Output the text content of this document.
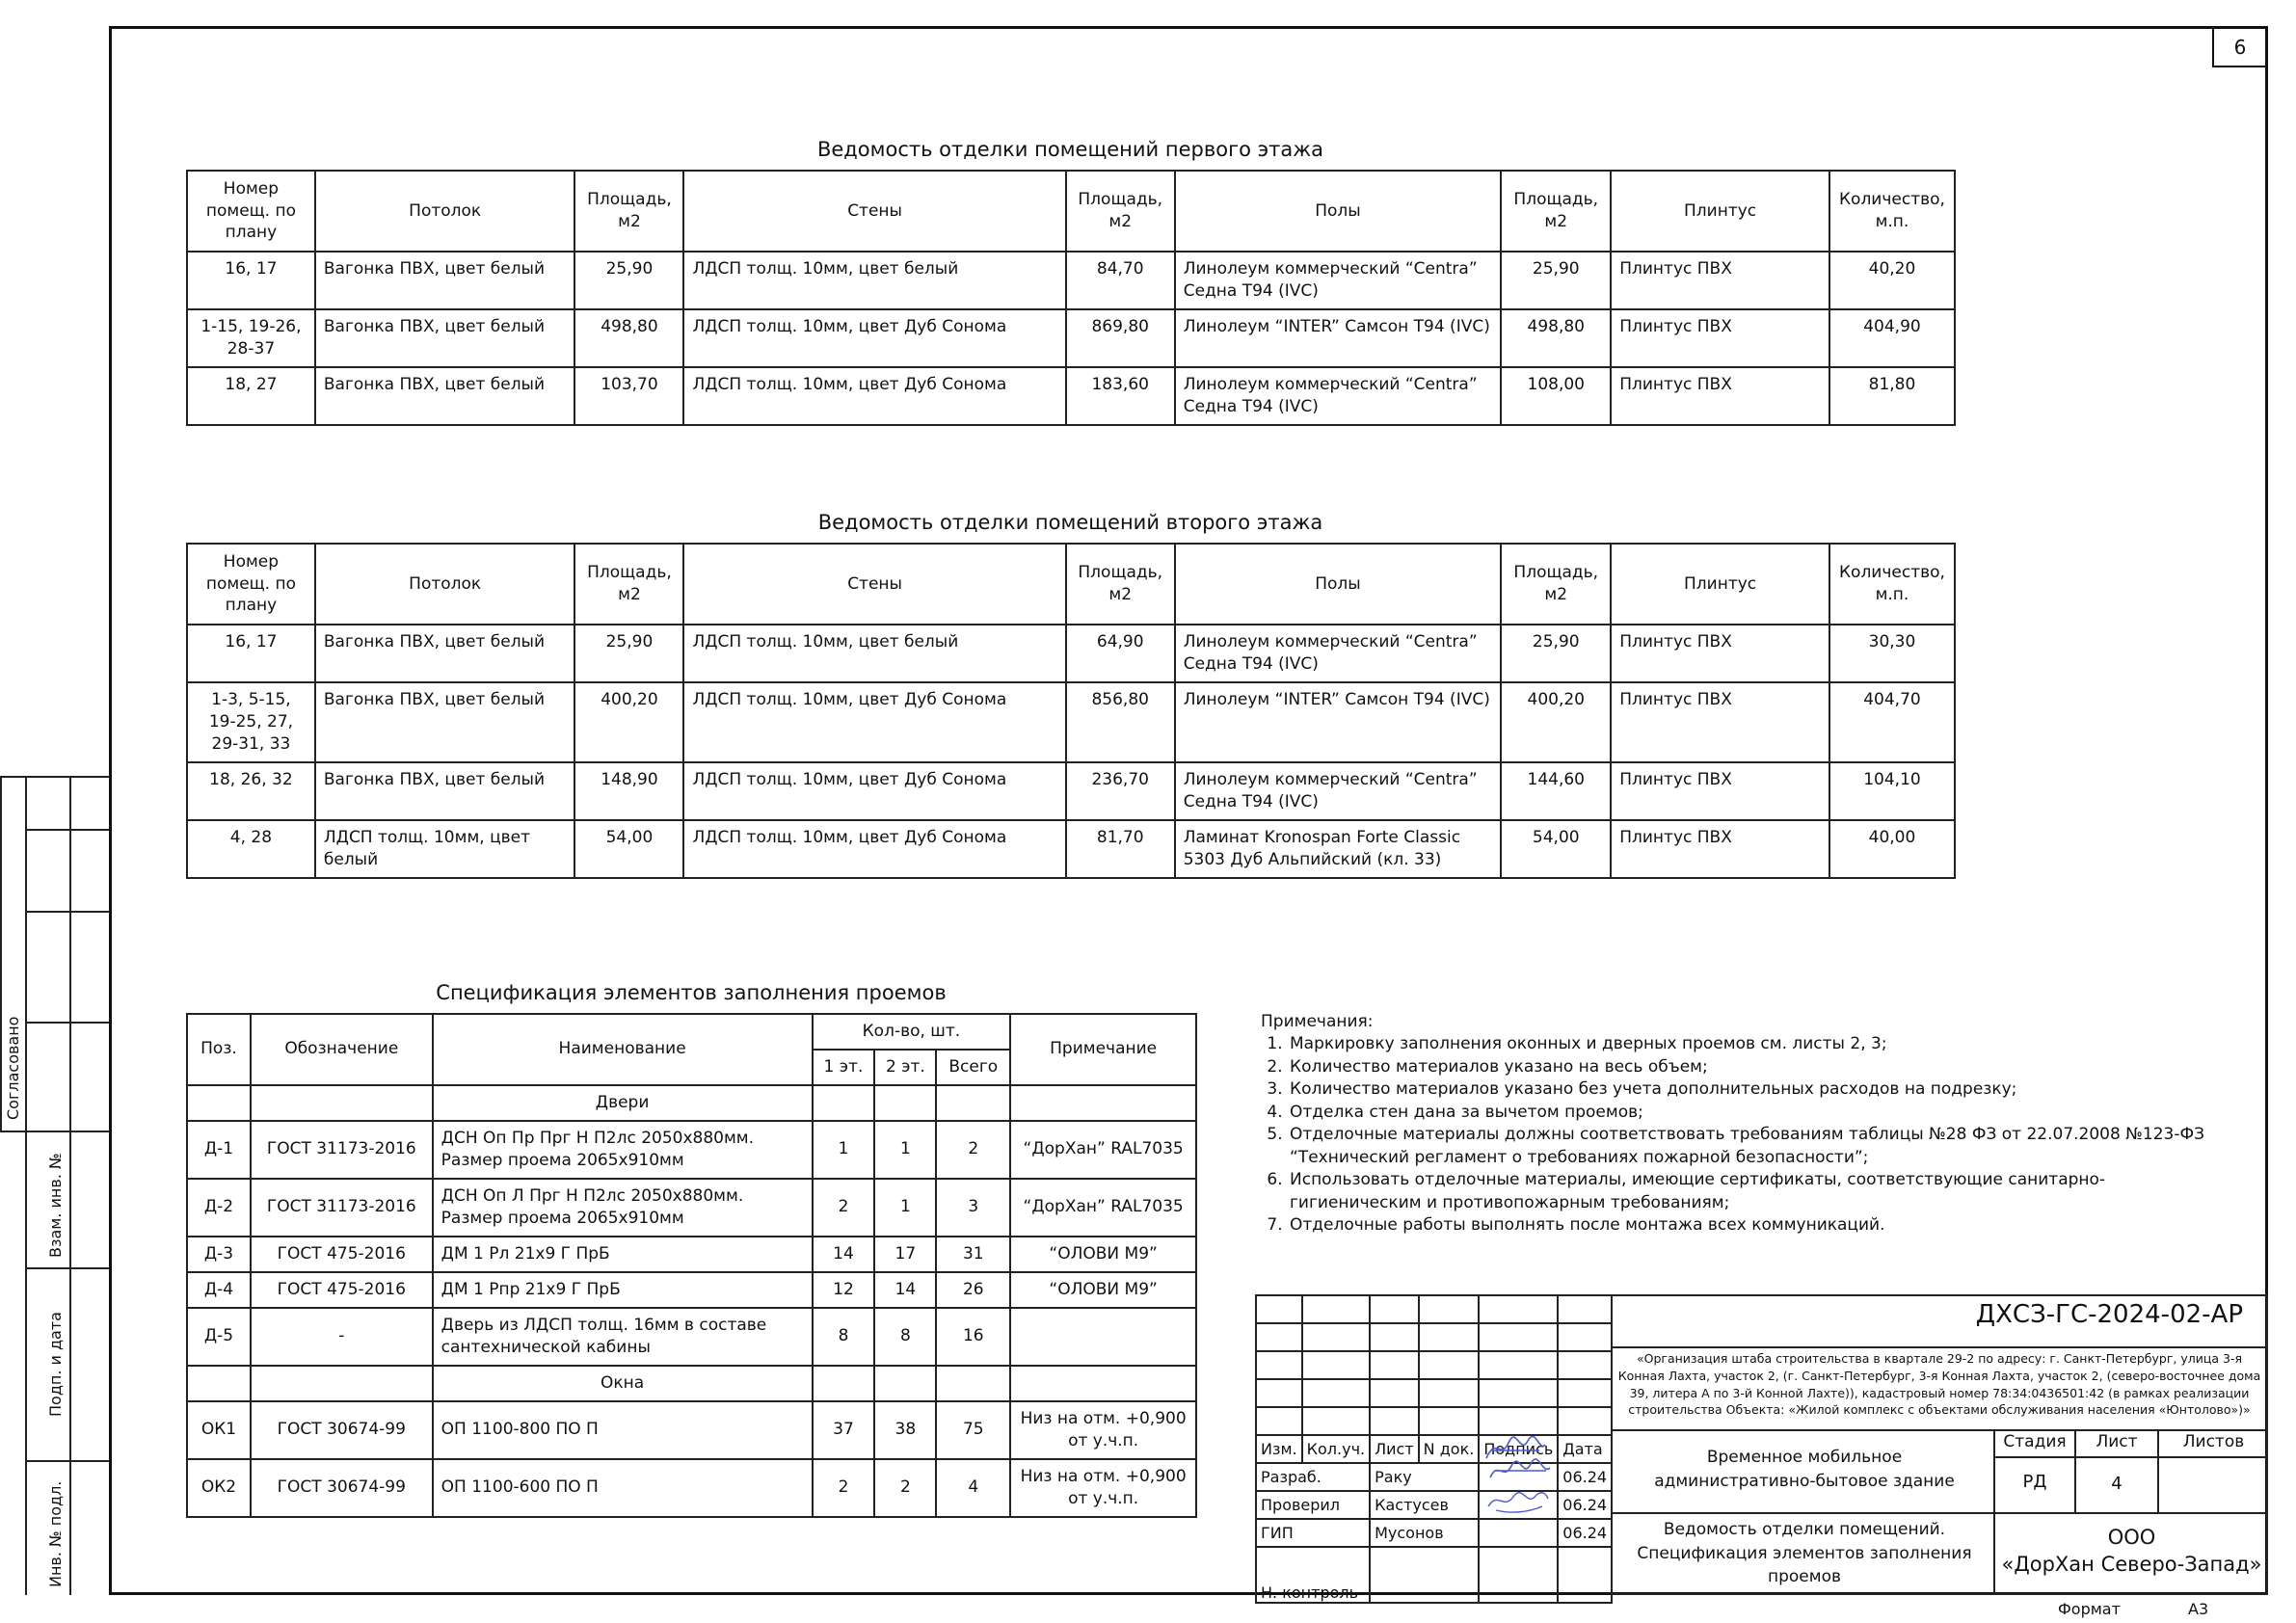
6
Согласовано
Взам. инв. №
Подп. и дата
Инв. № подл.
Ведомость отделки помещений первого этажа
Номер помещ. по плану	Потолок	Площадь, м2	Стены	Площадь, м2	Полы	Площадь, м2	Плинтус	Количество, м.п.
16, 17	Вагонка ПВХ, цвет белый	25,90	ЛДСП толщ. 10мм, цвет белый	84,70	Линолеум коммерческий “Centra” Седна T94 (IVC)	25,90	Плинтус ПВХ	40,20
1-15, 19-26, 28-37	Вагонка ПВХ, цвет белый	498,80	ЛДСП толщ. 10мм, цвет Дуб Сонома	869,80	Линолеум “INTER” Самсон T94 (IVC)	498,80	Плинтус ПВХ	404,90
18, 27	Вагонка ПВХ, цвет белый	103,70	ЛДСП толщ. 10мм, цвет Дуб Сонома	183,60	Линолеум коммерческий “Centra” Седна T94 (IVC)	108,00	Плинтус ПВХ	81,80
Ведомость отделки помещений второго этажа
Номер помещ. по плану	Потолок	Площадь, м2	Стены	Площадь, м2	Полы	Площадь, м2	Плинтус	Количество, м.п.
16, 17	Вагонка ПВХ, цвет белый	25,90	ЛДСП толщ. 10мм, цвет белый	64,90	Линолеум коммерческий “Centra” Седна T94 (IVC)	25,90	Плинтус ПВХ	30,30
1-3, 5-15, 19-25, 27, 29-31, 33	Вагонка ПВХ, цвет белый	400,20	ЛДСП толщ. 10мм, цвет Дуб Сонома	856,80	Линолеум “INTER” Самсон T94 (IVC)	400,20	Плинтус ПВХ	404,70
18, 26, 32	Вагонка ПВХ, цвет белый	148,90	ЛДСП толщ. 10мм, цвет Дуб Сонома	236,70	Линолеум коммерческий “Centra” Седна T94 (IVC)	144,60	Плинтус ПВХ	104,10
4, 28	ЛДСП толщ. 10мм, цвет белый	54,00	ЛДСП толщ. 10мм, цвет Дуб Сонома	81,70	Ламинат Kronospan Forte Classic 5303 Дуб Альпийский (кл. 33)	54,00	Плинтус ПВХ	40,00
Спецификация элементов заполнения проемов
Поз.	Обозначение	Наименование	Кол-во, шт.			Примечание
			1 эт.	2 эт.	Всего	
		Двери				
Д-1	ГОСТ 31173-2016	ДСН Оп Пр Прг Н П2лс 2050х880мм. Размер проема 2065х910мм	1	1	2	“ДорХан” RAL7035
Д-2	ГОСТ 31173-2016	ДСН Оп Л Прг Н П2лс 2050х880мм. Размер проема 2065х910мм	2	1	3	“ДорХан” RAL7035
Д-3	ГОСТ 475-2016	ДМ 1 Рл 21х9 Г ПрБ	14	17	31	“ОЛОВИ М9”
Д-4	ГОСТ 475-2016	ДМ 1 Рпр 21х9 Г ПрБ	12	14	26	“ОЛОВИ М9”
Д-5	-	Дверь из ЛДСП толщ. 16мм в составе сантехнической кабины	8	8	16	
		Окна				
ОК1	ГОСТ 30674-99	ОП 1100-800 ПО П	37	38	75	Низ на отм. +0,900 от у.ч.п.
ОК2	ГОСТ 30674-99	ОП 1100-600 ПО П	2	2	4	Низ на отм. +0,900 от у.ч.п.
Примечания:
1. Маркировку заполнения оконных и дверных проемов см. листы 2, 3;
2. Количество материалов указано на весь объем;
3. Количество материалов указано без учета дополнительных расходов на подрезку;
4. Отделка стен дана за вычетом проемов;
5. Отделочные материалы должны соответствовать требованиям таблицы №28 ФЗ от 22.07.2008 №123-ФЗ “Технический регламент о требованиях пожарной безопасности”;
6. Использовать отделочные материалы, имеющие сертификаты, соответствующие санитарно-гигиеническим и противопожарным требованиям;
7. Отделочные работы выполнять после монтажа всех коммуникаций.

Изм.	Кол.уч.	Лист	N док.	Подпись	Дата
Разраб.		Раку			06.24
Проверил		Кастусев			06.24
ГИП		Мусонов			06.24
Н. контроль					
ДХСЗ-ГС-2024-02-АР
«Организация штаба строительства в квартале 29-2 по адресу: г. Санкт-Петербург, улица 3-я Конная Лахта, участок 2, (г. Санкт-Петербург, 3-я Конная Лахта, участок 2, (северо-восточнее дома 39, литера А по 3-й Конной Лахте)), кадастровый номер 78:34:0436501:42 (в рамках реализации строительства Объекта: «Жилой комплекс с объектами обслуживания населения «Юнтолово»)»
Временное мобильное административно-бытовое здание
Ведомость отделки помещений. Спецификация элементов заполнения проемов
Стадия	Лист	Листов
РД	4
ООО
«ДорХан Северо-Запад»
Формат	А3
